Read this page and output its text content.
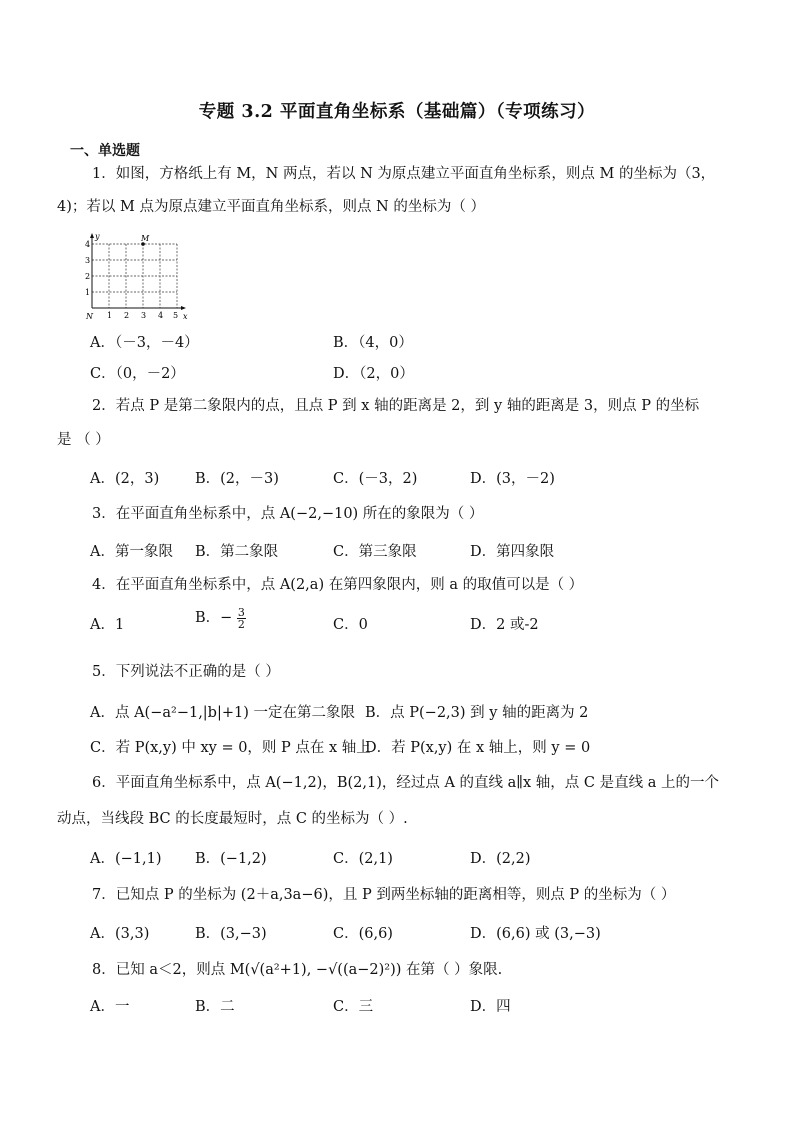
专题 3.2 平面直角坐标系（基础篇）（专项练习）
一、单选题
1．如图，方格纸上有 M，N 两点，若以 N 为原点建立平面直角坐标系，则点 M 的坐标为（3，
4)；若以 M 点为原点建立平面直角坐标系，则点 N 的坐标为（ ）
M
y
x
N
4
3
2
1
1 2 3 4 5
A．（－3，－4）	B．（4，0）
C．（0，－2）	D．（2，0）
2．若点 P 是第二象限内的点，且点 P 到 x 轴的距离是 2，到 y 轴的距离是 3，则点 P 的坐标
是 （ ）
A．(2，3) B．(2，－3)	C．(－3，2)	D．(3，－2)
3．在平面直角坐标系中，点 A(−2,−10) 所在的象限为（ ）
A．第一象限 B．第二象限	C．第三象限	D．第四象限
4．在平面直角坐标系中，点 A(2,a) 在第四象限内，则 a 的取值可以是（ ）
A．1	B．− $\frac{3}{2}$	C．0	D．2 或-2
5．下列说法不正确的是（ ）
A．点 A(−a²−1,|b|+1) 一定在第二象限 B．点 P(−2,3) 到 y 轴的距离为 2
C．若 P(x,y) 中 xy = 0，则 P 点在 x 轴上
D．若 P(x,y) 在 x 轴上，则 y = 0
6．平面直角坐标系中，点 A(−1,2)，B(2,1)，经过点 A 的直线 a∥x 轴，点 C 是直线 a 上的一个
动点，当线段 BC 的长度最短时，点 C 的坐标为（ ）.
A．(−1,1) B．(−1,2)	C．(2,1)	D．(2,2)
7．已知点 P 的坐标为 (2＋a,3a−6)，且 P 到两坐标轴的距离相等，则点 P 的坐标为（ ）
A．(3,3)	B．(3,−3)	C．(6,6)	D．(6,6) 或 (3,−3)
8．已知 a＜2，则点 M(√(a²+1), −√((a−2)²)) 在第（ ）象限.
A．一	B．二	C．三	D．四
